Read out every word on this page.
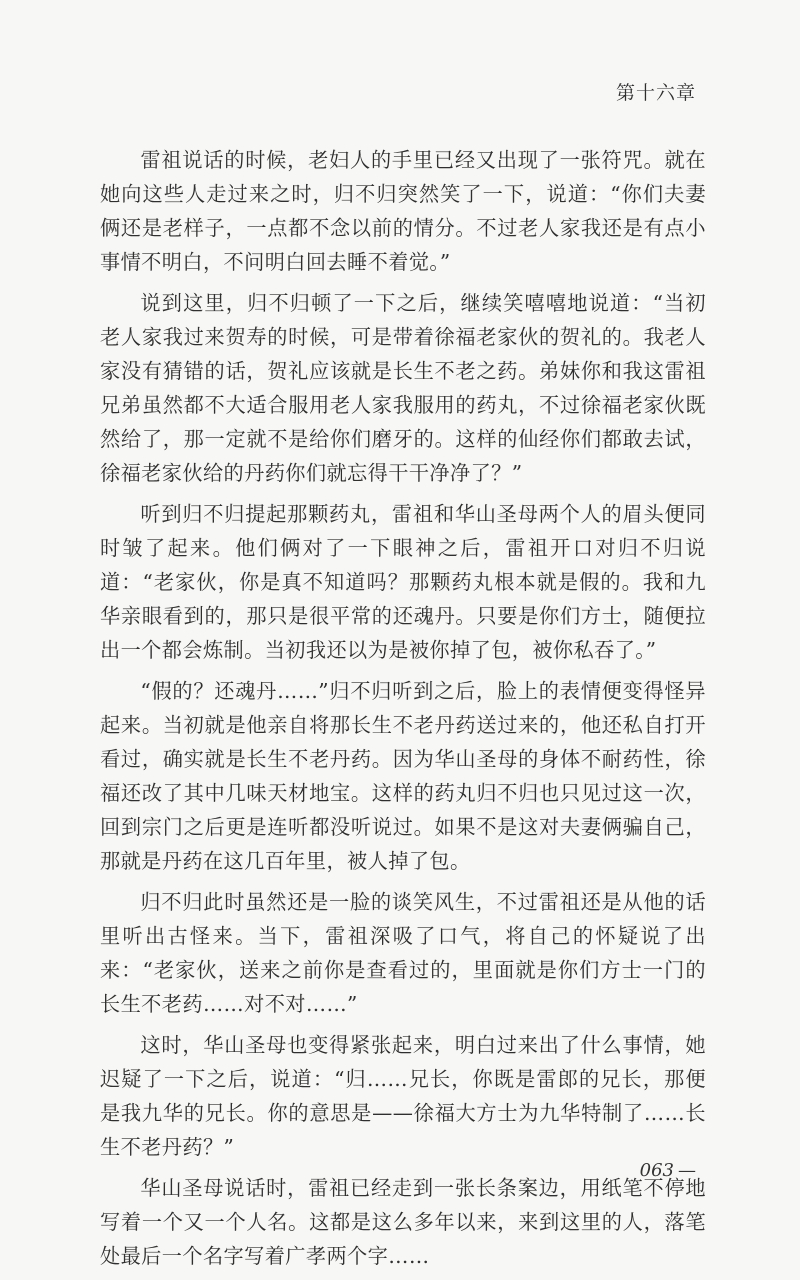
第十六章

雷祖说话的时候，老妇人的手里已经又出现了一张符咒。就在她向这些人走过来之时，归不归突然笑了一下，说道：“你们夫妻俩还是老样子，一点都不念以前的情分。不过老人家我还是有点小事情不明白，不问明白回去睡不着觉。”

说到这里，归不归顿了一下之后，继续笑嘻嘻地说道：“当初老人家我过来贺寿的时候，可是带着徐福老家伙的贺礼的。我老人家没有猜错的话，贺礼应该就是长生不老之药。弟妹你和我这雷祖兄弟虽然都不大适合服用老人家我服用的药丸，不过徐福老家伙既然给了，那一定就不是给你们磨牙的。这样的仙经你们都敢去试，徐福老家伙给的丹药你们就忘得干干净净了？”

听到归不归提起那颗药丸，雷祖和华山圣母两个人的眉头便同时皱了起来。他们俩对了一下眼神之后，雷祖开口对归不归说道：“老家伙，你是真不知道吗？那颗药丸根本就是假的。我和九华亲眼看到的，那只是很平常的还魂丹。只要是你们方士，随便拉出一个都会炼制。当初我还以为是被你掉了包，被你私吞了。”

“假的？还魂丹……”归不归听到之后，脸上的表情便变得怪异起来。当初就是他亲自将那长生不老丹药送过来的，他还私自打开看过，确实就是长生不老丹药。因为华山圣母的身体不耐药性，徐福还改了其中几味天材地宝。这样的药丸归不归也只见过这一次，回到宗门之后更是连听都没听说过。如果不是这对夫妻俩骗自己，那就是丹药在这几百年里，被人掉了包。

归不归此时虽然还是一脸的谈笑风生，不过雷祖还是从他的话里听出古怪来。当下，雷祖深吸了口气，将自己的怀疑说了出来：“老家伙，送来之前你是查看过的，里面就是你们方士一门的长生不老药……对不对……”

这时，华山圣母也变得紧张起来，明白过来出了什么事情，她迟疑了一下之后，说道：“归……兄长，你既是雷郎的兄长，那便是我九华的兄长。你的意思是——徐福大方士为九华特制了……长生不老丹药？”

华山圣母说话时，雷祖已经走到一张长条案边，用纸笔不停地写着一个又一个人名。这都是这么多年以来，来到这里的人，落笔处最后一个名字写着广孝两个字……

063 —
